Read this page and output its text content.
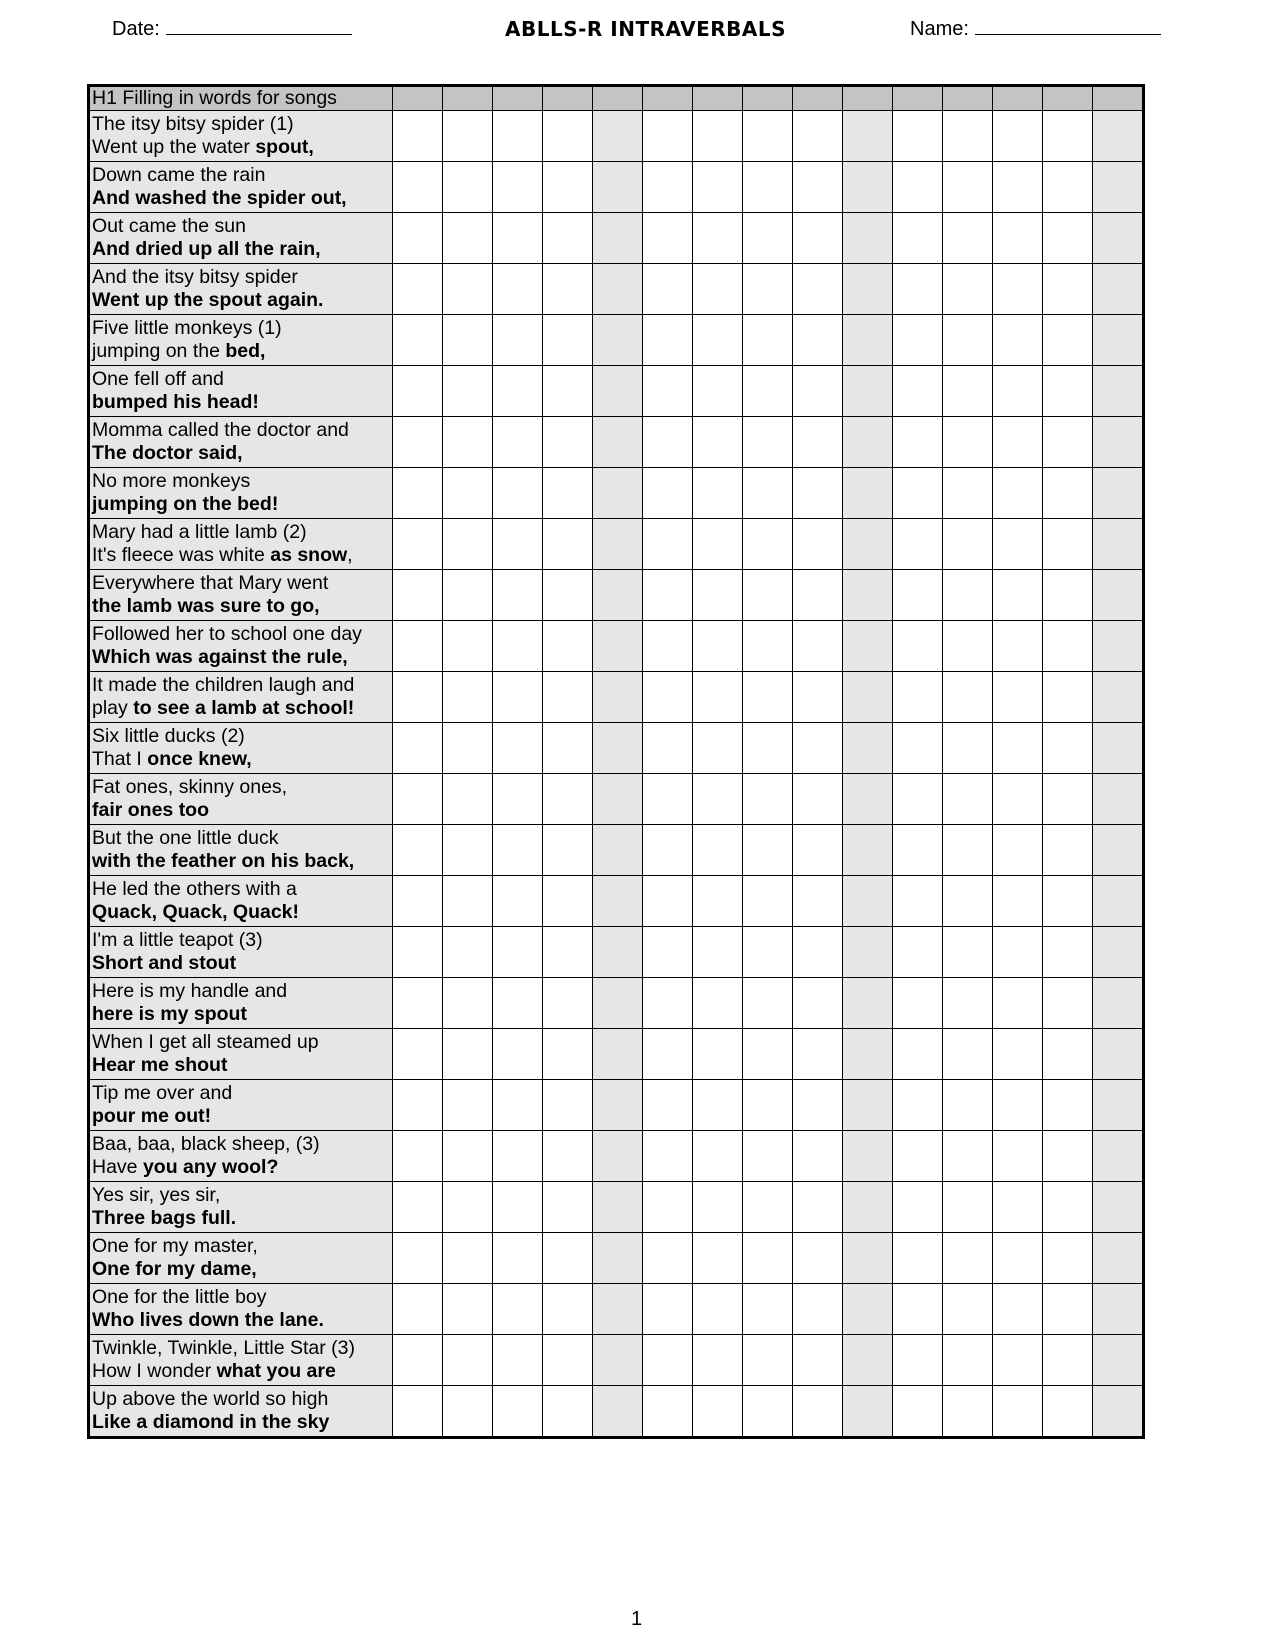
Date:	ABLLS-R INTRAVERBALS	Name:
H1 Filling in words for songs															

The itsy bitsy spider (1)
Went up the water spout,															

Down came the rain
And washed the spider out,															

Out came the sun
And dried up all the rain,															

And the itsy bitsy spider
Went up the spout again.															

Five little monkeys (1)
jumping on the bed,															

One fell off and
bumped his head!															

Momma called the doctor and
The doctor said,															

No more monkeys
jumping on the bed!															

Mary had a little lamb (2)
It's fleece was white as snow,															

Everywhere that Mary went
the lamb was sure to go,															

Followed her to school one day
Which was against the rule,															

It made the children laugh and
play to see a lamb at school!															

Six little ducks (2)
That I once knew,															

Fat ones, skinny ones,
fair ones too															

But the one little duck
with the feather on his back,															

He led the others with a
Quack, Quack, Quack!															

I'm a little teapot (3)
Short and stout															

Here is my handle and
here is my spout															

When I get all steamed up
Hear me shout															

Tip me over and
pour me out!															

Baa, baa, black sheep, (3)
Have you any wool?															

Yes sir, yes sir,
Three bags full.															

One for my master,
One for my dame,															

One for the little boy
Who lives down the lane.															

Twinkle, Twinkle, Little Star (3)
How I wonder what you are															

Up above the world so high
Like a diamond in the sky															

1
